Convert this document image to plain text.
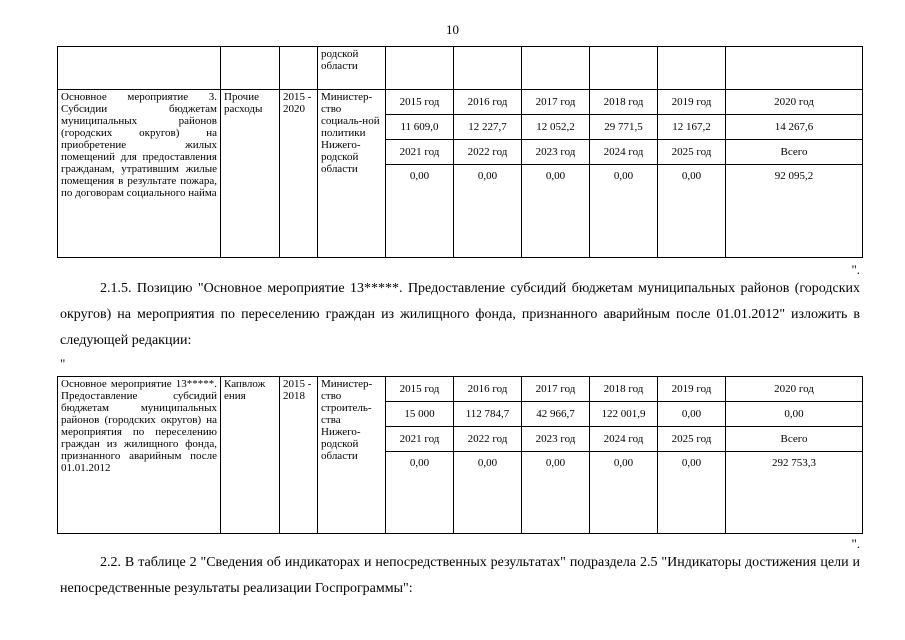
10
			родской области						
Основное мероприятие 3. Субсидии бюджетам муниципальных районов (городских округов) на приобретение жилых помещений для предоставления гражданам, утратившим жилые помещения в результате пожара, по договорам социального найма	Прочие расходы	2015 - 2020	Министер-ство социаль-ной политики Нижего-родской области	2015 год	2016 год	2017 год	2018 год	2019 год	2020 год
				11 609,0	12 227,7	12 052,2	29 771,5	12 167,2	14 267,6
				2021 год	2022 год	2023 год	2024 год	2025 год	Всего
				0,00	0,00	0,00	0,00	0,00	92 095,2
".
2.1.5. Позицию "Основное мероприятие 13*****. Предоставление субсидий бюджетам муниципальных районов (городских округов) на мероприятия по переселению граждан из жилищного фонда, признанного аварийным после 01.01.2012" изложить в следующей редакции:
"
Основное мероприятие 13*****. Предоставление субсидий бюджетам муниципальных районов (городских округов) на мероприятия по переселению граждан из жилищного фонда, признанного аварийным после 01.01.2012	Капвлож ения	2015 - 2018	Министер-ство строитель-ства Нижего-родской области	2015 год	2016 год	2017 год	2018 год	2019 год	2020 год
				15 000	112 784,7	42 966,7	122 001,9	0,00	0,00
				2021 год	2022 год	2023 год	2024 год	2025 год	Всего
				0,00	0,00	0,00	0,00	0,00	292 753,3
".
2.2. В таблице 2 "Сведения об индикаторах и непосредственных результатах" подраздела 2.5 "Индикаторы достижения цели и непосредственные результаты реализации Госпрограммы":
